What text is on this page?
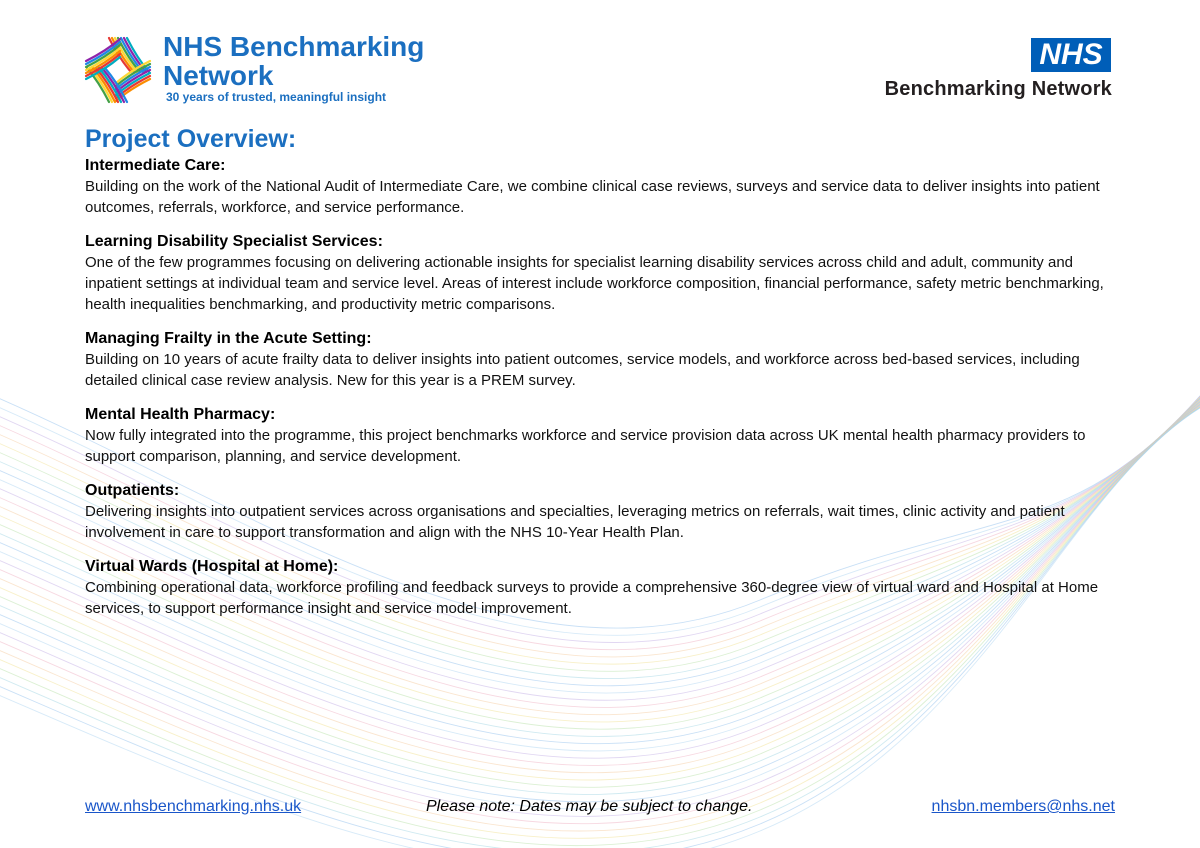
NHS Benchmarking
Network
30 years of trusted, meaningful insight
NHS
Benchmarking Network
Project Overview:
Intermediate Care:

Building on the work of the National Audit of Intermediate Care, we combine clinical case reviews, surveys and service data to deliver insights into patient outcomes, referrals, workforce, and service performance.

Learning Disability Specialist Services:

One of the few programmes focusing on delivering actionable insights for specialist learning disability services across child and adult, community and inpatient settings at individual team and service level. Areas of interest include workforce composition, financial performance, safety metric benchmarking, health inequalities benchmarking, and productivity metric comparisons.

Managing Frailty in the Acute Setting:

Building on 10 years of acute frailty data to deliver insights into patient outcomes, service models, and workforce across bed-based services, including detailed clinical case review analysis. New for this year is a PREM survey.

Mental Health Pharmacy:

Now fully integrated into the programme, this project benchmarks workforce and service provision data across UK mental health pharmacy providers to support comparison, planning, and service development.

Outpatients:

Delivering insights into outpatient services across organisations and specialties, leveraging metrics on referrals, wait times, clinic activity and patient involvement in care to support transformation and align with the NHS 10-Year Health Plan.

Virtual Wards (Hospital at Home):

Combining operational data, workforce profiling and feedback surveys to provide a comprehensive 360-degree view of virtual ward and Hospital at Home services, to support performance insight and service model improvement.

www.nhsbenchmarking.nhs.uk	Please note: Dates may be subject to change.	nhsbn.members@nhs.net
